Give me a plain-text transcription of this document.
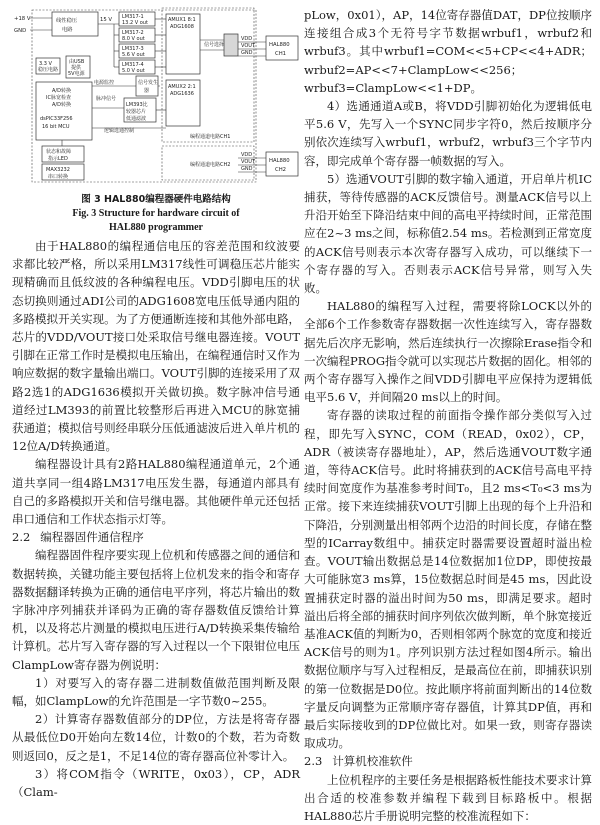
+18 V
GND
线性稳压
电路
15 V LM317-1
13.2 V out
LM317-2
8.0 V out
LM317-3
5.6 V out
LM317-4
5.0 V out
AMUX1 8:1
ADG1608
信号选择
3.3 V
稳压电路
由USB
提供
5V电源
A/D转换
IC脉宽检查
A/D转换
dsPIC33F256
16 bit MCU
电源监控	信号发生
器
脉冲信号
LM393比
较器芯片
低通滤波
AMUX2 2:1
ADG1636
逻辑选通控制
编程通道电路CH1
VDD
VOUT
GND
HAL880
CH1
编程通道电路CH2
VDD
VOUT
GND
HAL880
CH2
状态和故障
指示LED
MAX3232
串口转换
图 3 HAL880编程器硬件电路结构
Fig. 3 Structure for hardware circuit of
HAL880 programmer

由于HAL880的编程通信电压的容差范围和纹波要求都比较严格，所以采用LM317线性可调稳压芯片能实现精确而且低纹波的各种编程电压。VDD引脚电压的状态切换则通过ADI公司的ADG1608宽电压低导通内阻的多路模拟开关实现。为了方便通断连接和其他外部电路，芯片的VDD/VOUT接口处采取信号继电器连接。VOUT引脚在正常工作时是模拟电压输出，在编程通信时又作为响应数据的数字量输出端口。VOUT引脚的连接采用了双路2选1的ADG1636模拟开关做切换。数字脉冲信号通道经过LM393的前置比较整形后再进入MCU的脉宽捕获通道；模拟信号则经串联分压低通滤波后进入单片机的12位A/D转换通道。

编程器设计具有2路HAL880编程通道单元，2个通道共享同一组4路LM317电压发生器，每通道内部具有自己的多路模拟开关和信号继电器。其他硬件单元还包括串口通信和工作状态指示灯等。

2.2 编程器固件通信程序

编程器固件程序要实现上位机和传感器之间的通信和数据转换，关键功能主要包括将上位机发来的指令和寄存器数据翻译转换为正确的通信电平序列，将芯片输出的数字脉冲序列捕获并译码为正确的寄存器数值反馈给计算机，以及将芯片测量的模拟电压进行A/D转换采集传输给计算机。芯片写入寄存器的写入过程以一个下限钳位电压ClampLow寄存器为例说明：

1）对要写入的寄存器二进制数值做范围判断及限幅，如ClampLow的允许范围是一字节数0~255。

2）计算寄存器数值部分的DP位，方法是将寄存器从最低位D0开始向左数14位，计数0的个数，若为奇数则返回0，反之是1，不足14位的寄存器高位补零计入。

3）将COM指令（WRITE，0x03），CP，ADR（Clam-

pLow，0x01），AP，14位寄存器值DAT，DP位按顺序连接组合成3个无符号字节数据wrbuf1，wrbuf2和wrbuf3。其中wrbuf1=COM<<5+CP<<4+ADR；wrbuf2=AP<<7+ClampLow<<256；wrbuf3=ClampLow<<1+DP。

4）选通通道A或B，将VDD引脚初始化为逻辑低电平5.6 V，先写入一个SYNC同步字符0，然后按顺序分别依次连续写入wrbuf1，wrbuf2，wrbuf3三个字节内容，即完成单个寄存器一帧数据的写入。

5）选通VOUT引脚的数字输入通道，开启单片机IC捕获，等待传感器的ACK反馈信号。测量ACK信号以上升沿开始至下降沿结束中间的高电平持续时间，正常范围应在2~3 ms之间，标称值2.54 ms。若检测到正常宽度的ACK信号则表示本次寄存器写入成功，可以继续下一个寄存器的写入。否则表示ACK信号异常，则写入失败。

HAL880的编程写入过程，需要将除LOCK以外的全部6个工作参数寄存器数据一次性连续写入，寄存器数据先后次序无影响，然后连续执行一次擦除Erase指令和一次编程PROG指令就可以实现芯片数据的固化。相邻的两个寄存器写入操作之间VDD引脚电平应保持为逻辑低电平5.6 V，并间隔20 ms以上的时间。

寄存器的读取过程的前面指令操作部分类似写入过程，即先写入SYNC，COM（READ，0x02），CP，ADR（被读寄存器地址），AP，然后选通VOUT数字通道，等待ACK信号。此时将捕获到的ACK信号高电平持续时间宽度作为基准参考时间T₀，且2 ms<T₀<3 ms为正常。接下来连续捕获VOUT引脚上出现的每个上升沿和下降沿，分别测量出相邻两个边沿的时间长度，存储在整型的ICarray数组中。捕获定时器需要设置超时溢出检查。VOUT输出数据总是14位数据加1位DP，即使按最大可能脉宽3 ms算，15位数据总时间是45 ms，因此设置捕获定时器的溢出时间为50 ms，即满足要求。超时溢出后将全部的捕获时间序列依次做判断，单个脉宽接近基准ACK值的判断为0，否则相邻两个脉宽的宽度和接近ACK信号的则为1。序列识别方法过程如图4所示。输出数据位顺序与写入过程相反，是最高位在前，即捕获识别的第一位数据是D0位。按此顺序将前面判断出的14位数字量反向调整为正常顺序寄存器值，计算其DP值，再和最后实际接收到的DP位做比对。如果一致，则寄存器读取成功。

2.3 计算机校准软件

上位机程序的主要任务是根据路板性能技术要求计算出合适的校准参数并编程下载到目标路板中。根据HAL880芯片手册说明完整的校准流程如下：
